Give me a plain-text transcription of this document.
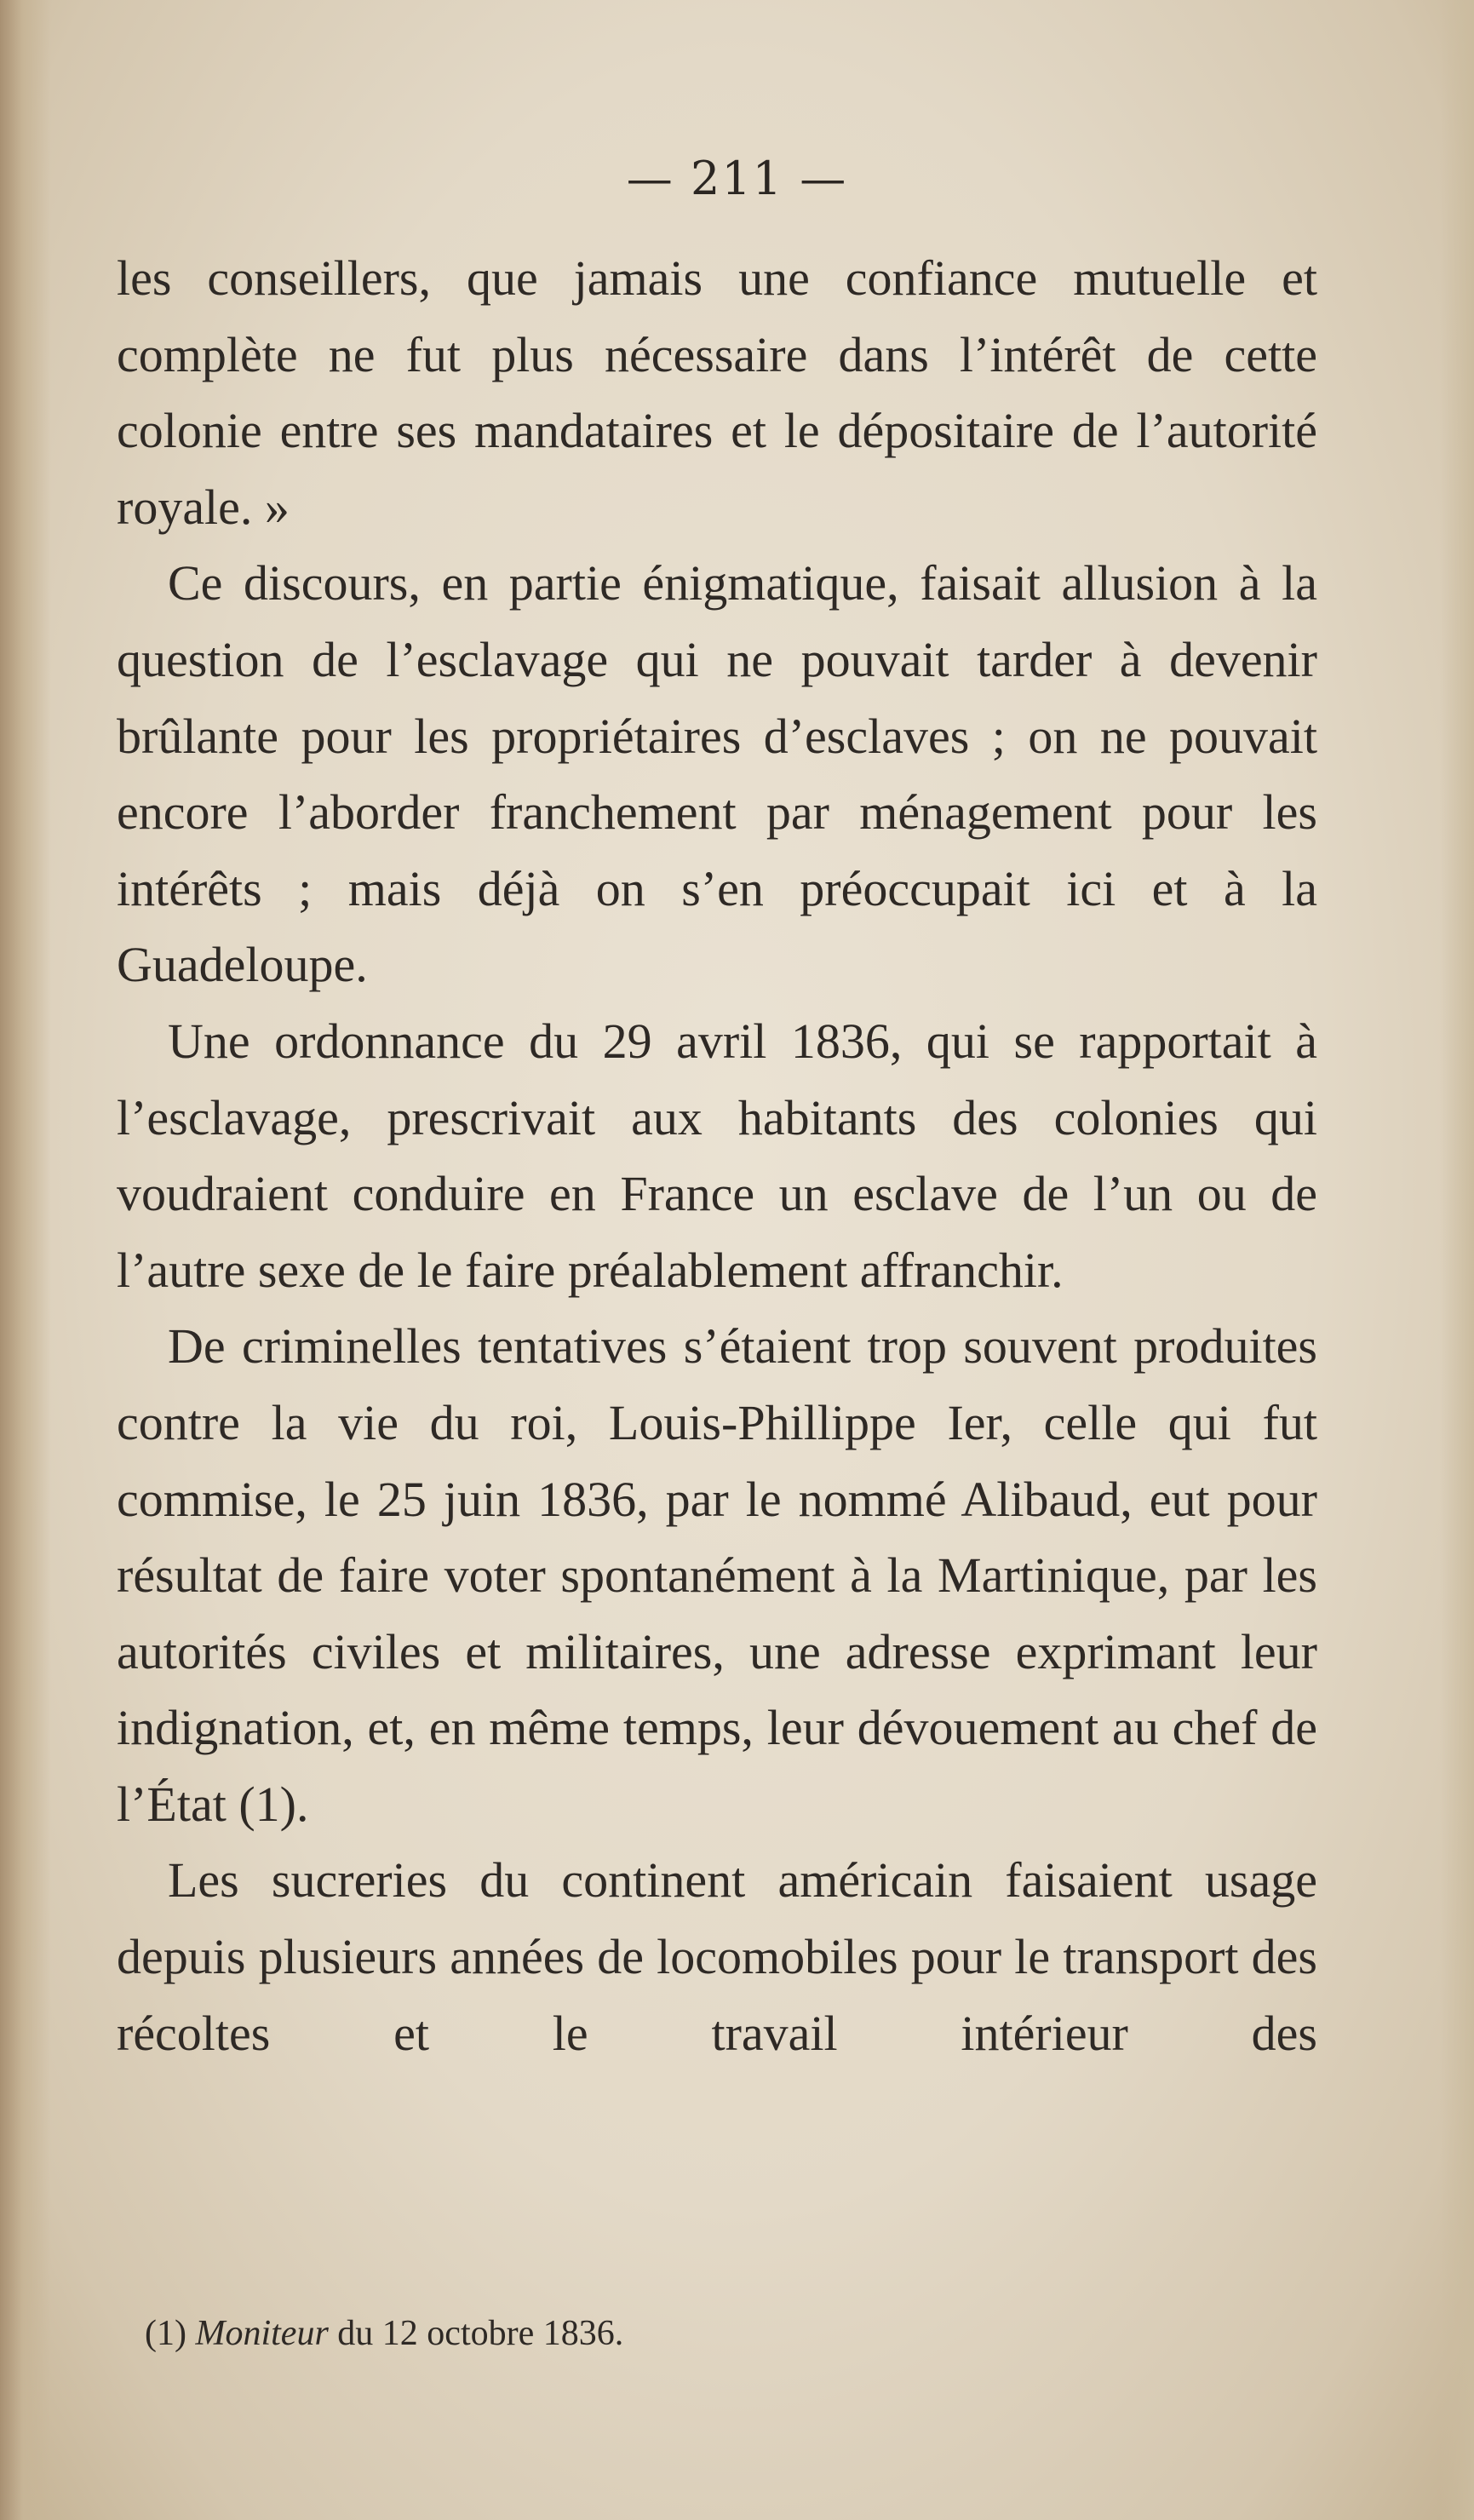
— 211 —

les conseillers, que jamais une confiance mutuelle et complète ne fut plus nécessaire dans l’intérêt de cette colonie entre ses mandataires et le dépositaire de l’autorité royale. »

Ce discours, en partie énigmatique, faisait allusion à la question de l’esclavage qui ne pouvait tarder à devenir brûlante pour les propriétaires d’esclaves ; on ne pouvait encore l’aborder franchement par ménagement pour les intérêts ; mais déjà on s’en préoccupait ici et à la Guadeloupe.

Une ordonnance du 29 avril 1836, qui se rapportait à l’esclavage, prescrivait aux habitants des colonies qui voudraient conduire en France un esclave de l’un ou de l’autre sexe de le faire préalablement affranchir.

De criminelles tentatives s’étaient trop souvent produites contre la vie du roi, Louis-Phillippe Ier, celle qui fut commise, le 25 juin 1836, par le nommé Alibaud, eut pour résultat de faire voter spontanément à la Martinique, par les autorités civiles et militaires, une adresse exprimant leur indignation, et, en même temps, leur dévouement au chef de l’État (1).

Les sucreries du continent américain faisaient usage depuis plusieurs années de locomobiles pour le transport des récoltes et le travail intérieur des

(1) Moniteur du 12 octobre 1836.
